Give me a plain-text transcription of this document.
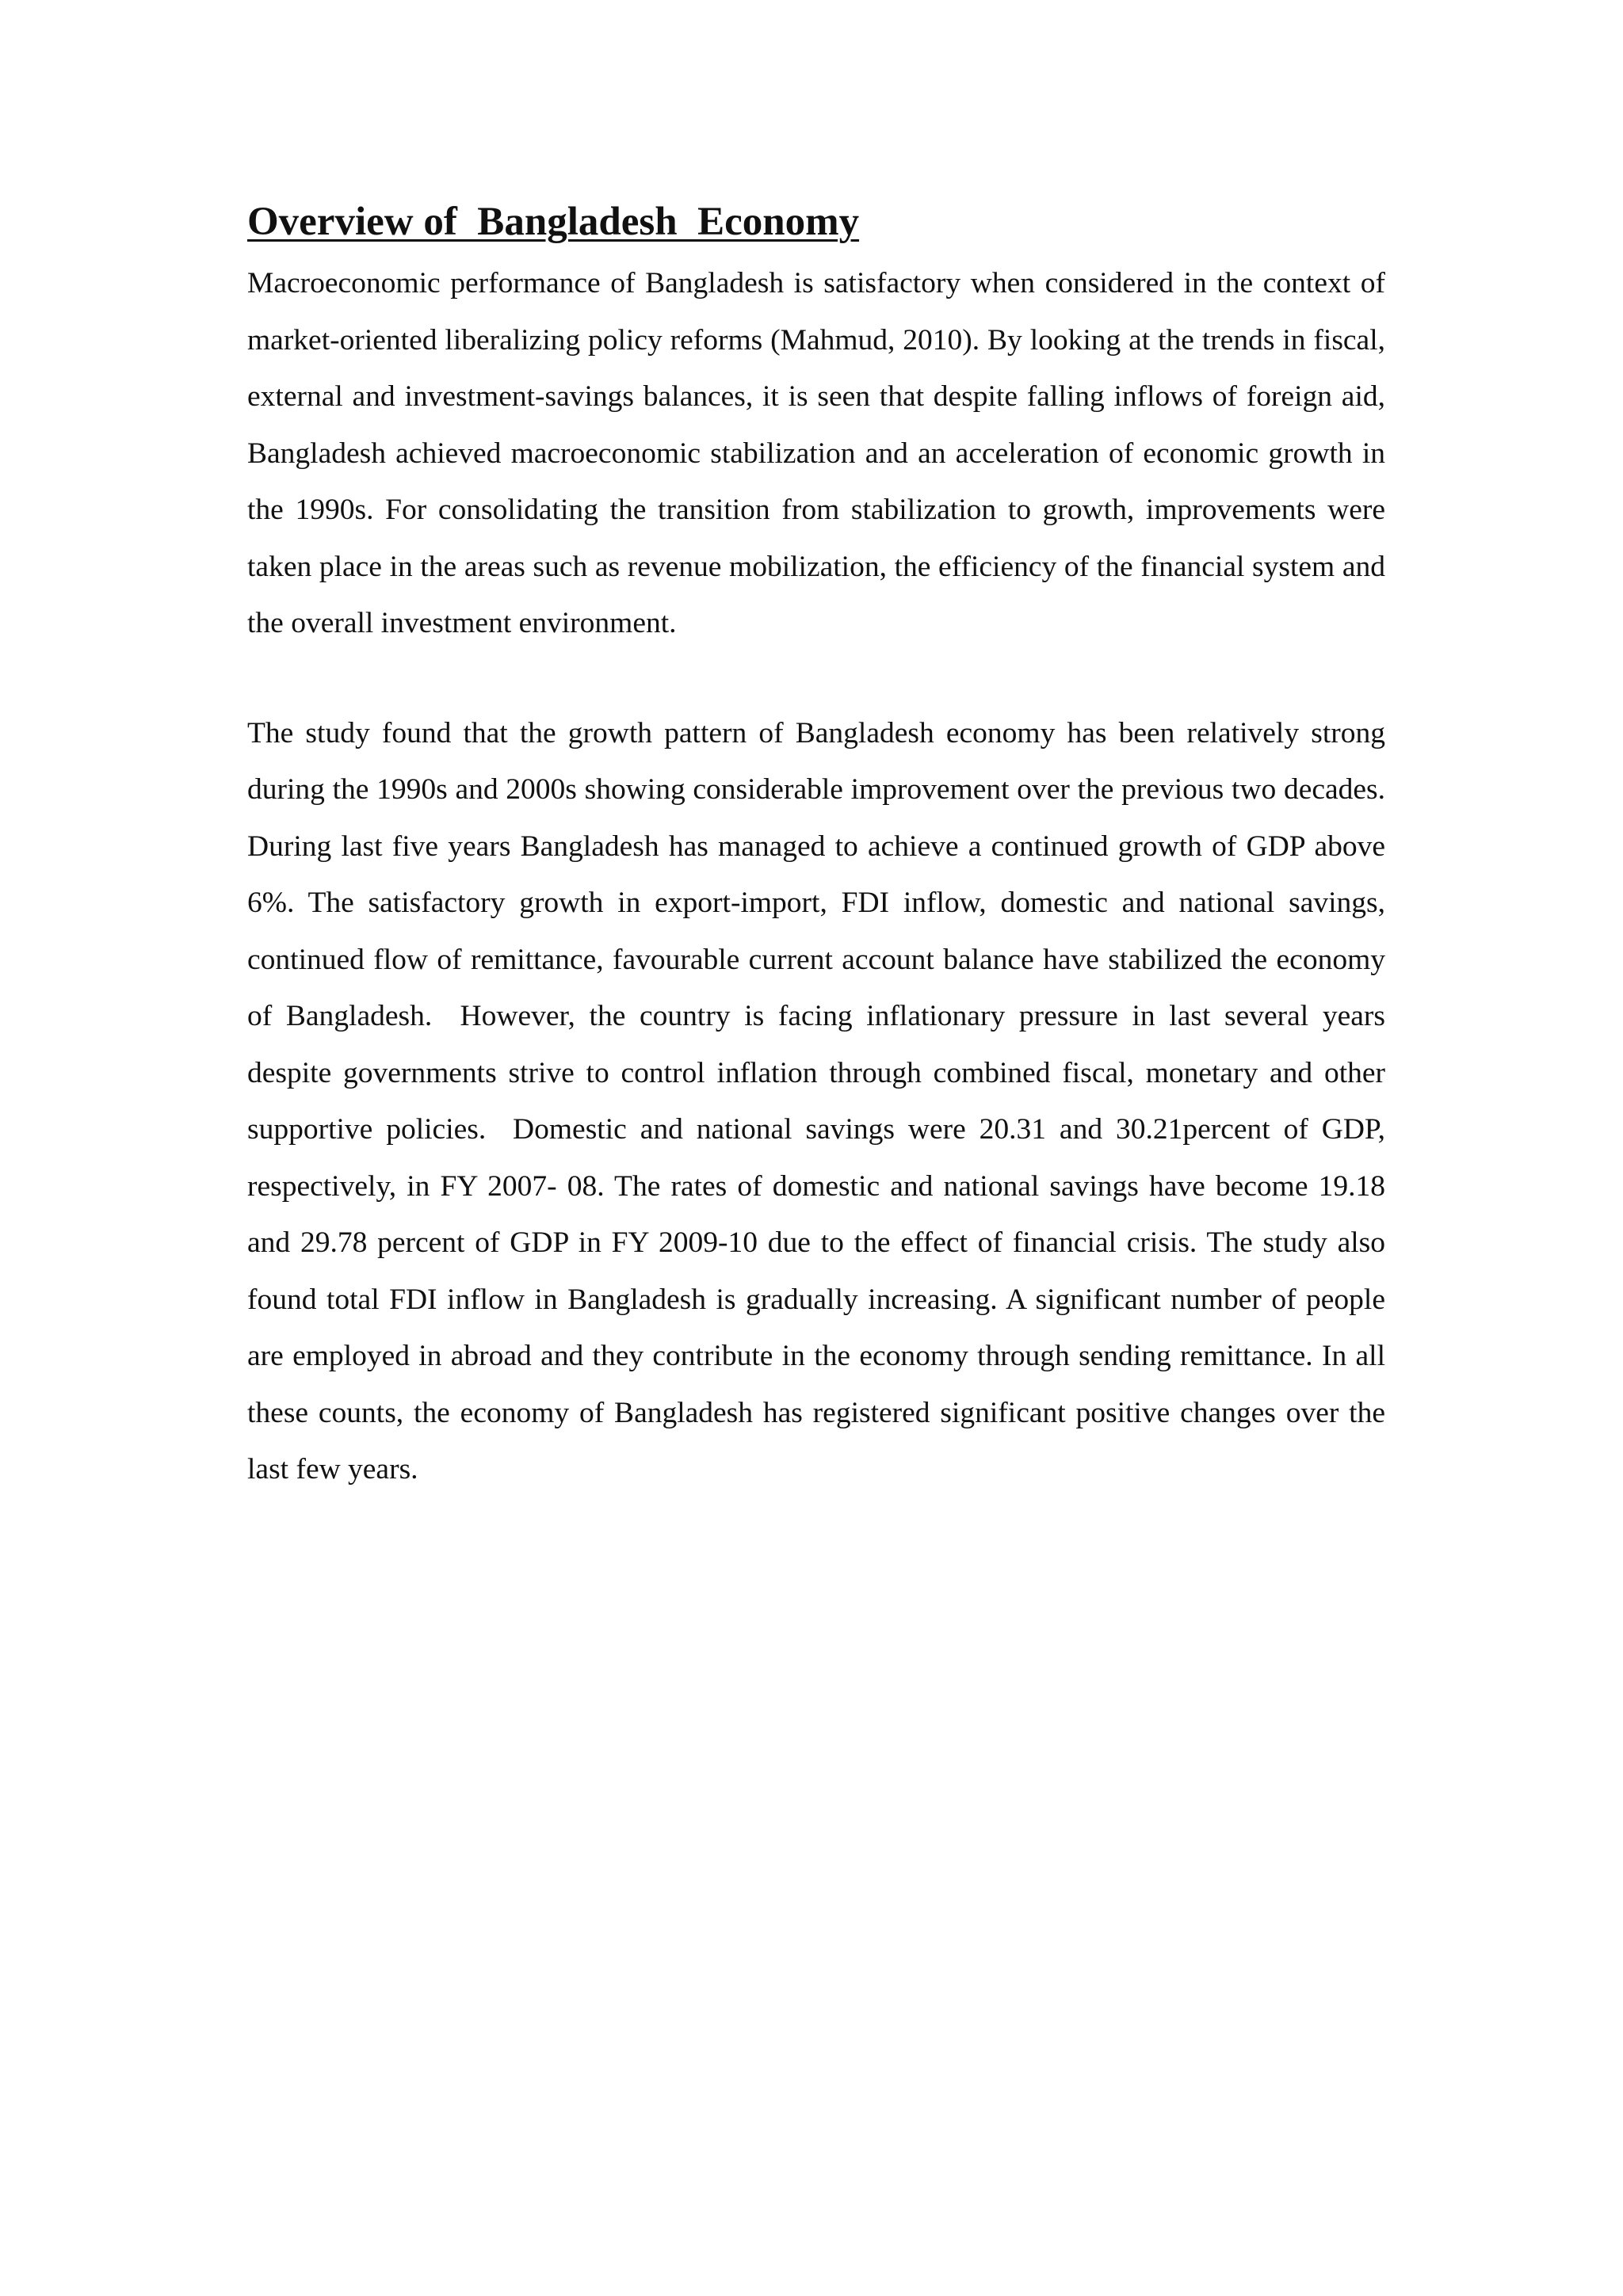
Overview of  Bangladesh  Economy

Macroeconomic performance of Bangladesh is satisfactory when considered in the context of market-oriented liberalizing policy reforms (Mahmud, 2010). By looking at the trends in fiscal, external and investment-savings balances, it is seen that despite falling inflows of foreign aid, Bangladesh achieved macroeconomic stabilization and an acceleration of economic growth in the 1990s. For consolidating the transition from stabilization to growth, improvements were taken place in the areas such as revenue mobilization, the efficiency of the financial system and the overall investment environment.

The study found that the growth pattern of Bangladesh economy has been relatively strong during the 1990s and 2000s showing considerable improvement over the previous two decades. During last five years Bangladesh has managed to achieve a continued growth of GDP above 6%. The satisfactory growth in export-import, FDI inflow, domestic and national savings, continued flow of remittance, favourable current account balance have stabilized the economy of Bangladesh.  However, the country is facing inflationary pressure in last several years despite governments strive to control inflation through combined fiscal, monetary and other supportive policies.  Domestic and national savings were 20.31 and 30.21percent of GDP, respectively, in FY 2007- 08. The rates of domestic and national savings have become 19.18 and 29.78 percent of GDP in FY 2009-10 due to the effect of financial crisis. The study also found total FDI inflow in Bangladesh is gradually increasing. A significant number of people are employed in abroad and they contribute in the economy through sending remittance. In all these counts, the economy of Bangladesh has registered significant positive changes over the last few years.
